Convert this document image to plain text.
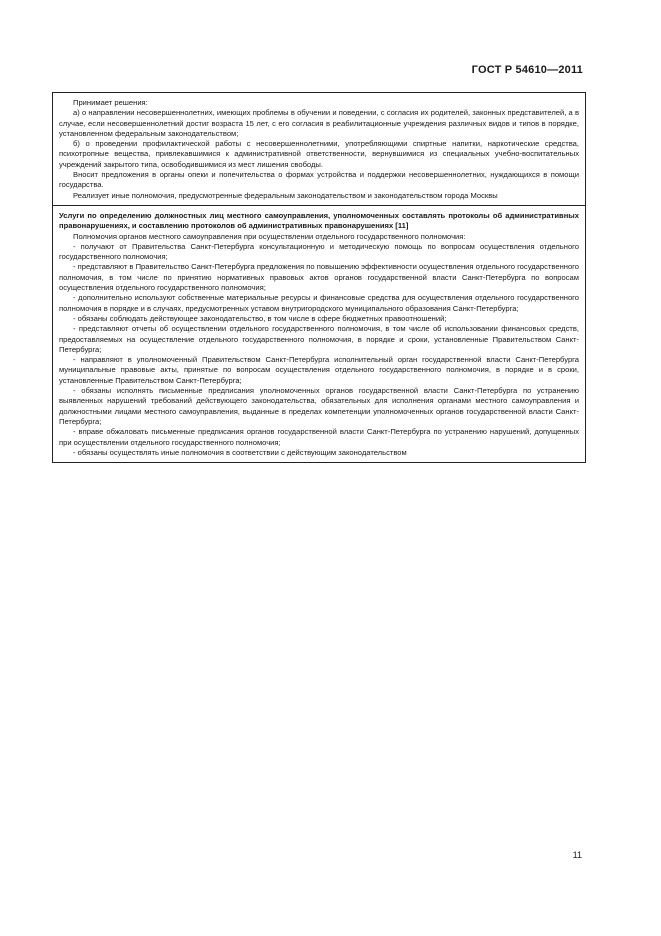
ГОСТ Р 54610—2011

Принимает решения:

а) о направлении несовершеннолетних, имеющих проблемы в обучении и поведении, с согласия их родителей, законных представителей, а в случае, если несовершеннолетний достиг возраста 15 лет, с его согласия в реабилитационные учреждения различных видов и типов в порядке, установленном федеральным законодательством;

б) о проведении профилактической работы с несовершеннолетними, употребляющими спиртные напитки, наркотические средства, психотропные вещества, привлекавшимися к административной ответственности, вернувшимися из специальных учебно-воспитательных учреждений закрытого типа, освободившимися из мест лишения свободы.

Вносит предложения в органы опеки и попечительства о формах устройства и поддержки несовершеннолетних, нуждающихся в помощи государства.

Реализует иные полномочия, предусмотренные федеральным законодательством и законодательством города Москвы

Услуги по определению должностных лиц местного самоуправления, уполномоченных составлять протоколы об административных правонарушениях, и составлению протоколов об административных правонарушениях [11]

Полномочия органов местного самоуправления при осуществлении отдельного государственного полномочия:

- получают от Правительства Санкт-Петербурга консультационную и методическую помощь по вопросам осуществления отдельного государственного полномочия;

- представляют в Правительство Санкт-Петербурга предложения по повышению эффективности осуществления отдельного государственного полномочия, в том числе по принятию нормативных правовых актов органов государственной власти Санкт-Петербурга по вопросам осуществления отдельного государственного полномочия;

- дополнительно используют собственные материальные ресурсы и финансовые средства для осуществления отдельного государственного полномочия в порядке и в случаях, предусмотренных уставом внутригородского муниципального образования Санкт-Петербурга;

- обязаны соблюдать действующее законодательство, в том числе в сфере бюджетных правоотношений;

- представляют отчеты об осуществлении отдельного государственного полномочия, в том числе об использовании финансовых средств, предоставляемых на осуществление отдельного государственного полномочия, в порядке и сроки, установленные Правительством Санкт-Петербурга;

- направляют в уполномоченный Правительством Санкт-Петербурга исполнительный орган государственной власти Санкт-Петербурга муниципальные правовые акты, принятые по вопросам осуществления отдельного государственного полномочия, в порядке и в сроки, установленные Правительством Санкт-Петербурга;

- обязаны исполнять письменные предписания уполномоченных органов государственной власти Санкт-Петербурга по устранению выявленных нарушений требований действующего законодательства, обязательных для исполнения органами местного самоуправления и должностными лицами местного самоуправления, выданные в пределах компетенции уполномоченных органов государственной власти Санкт-Петербурга;

- вправе обжаловать письменные предписания органов государственной власти Санкт-Петербурга по устранению нарушений, допущенных при осуществлении отдельного государственного полномочия;

- обязаны осуществлять иные полномочия в соответствии с действующим законодательством

11
